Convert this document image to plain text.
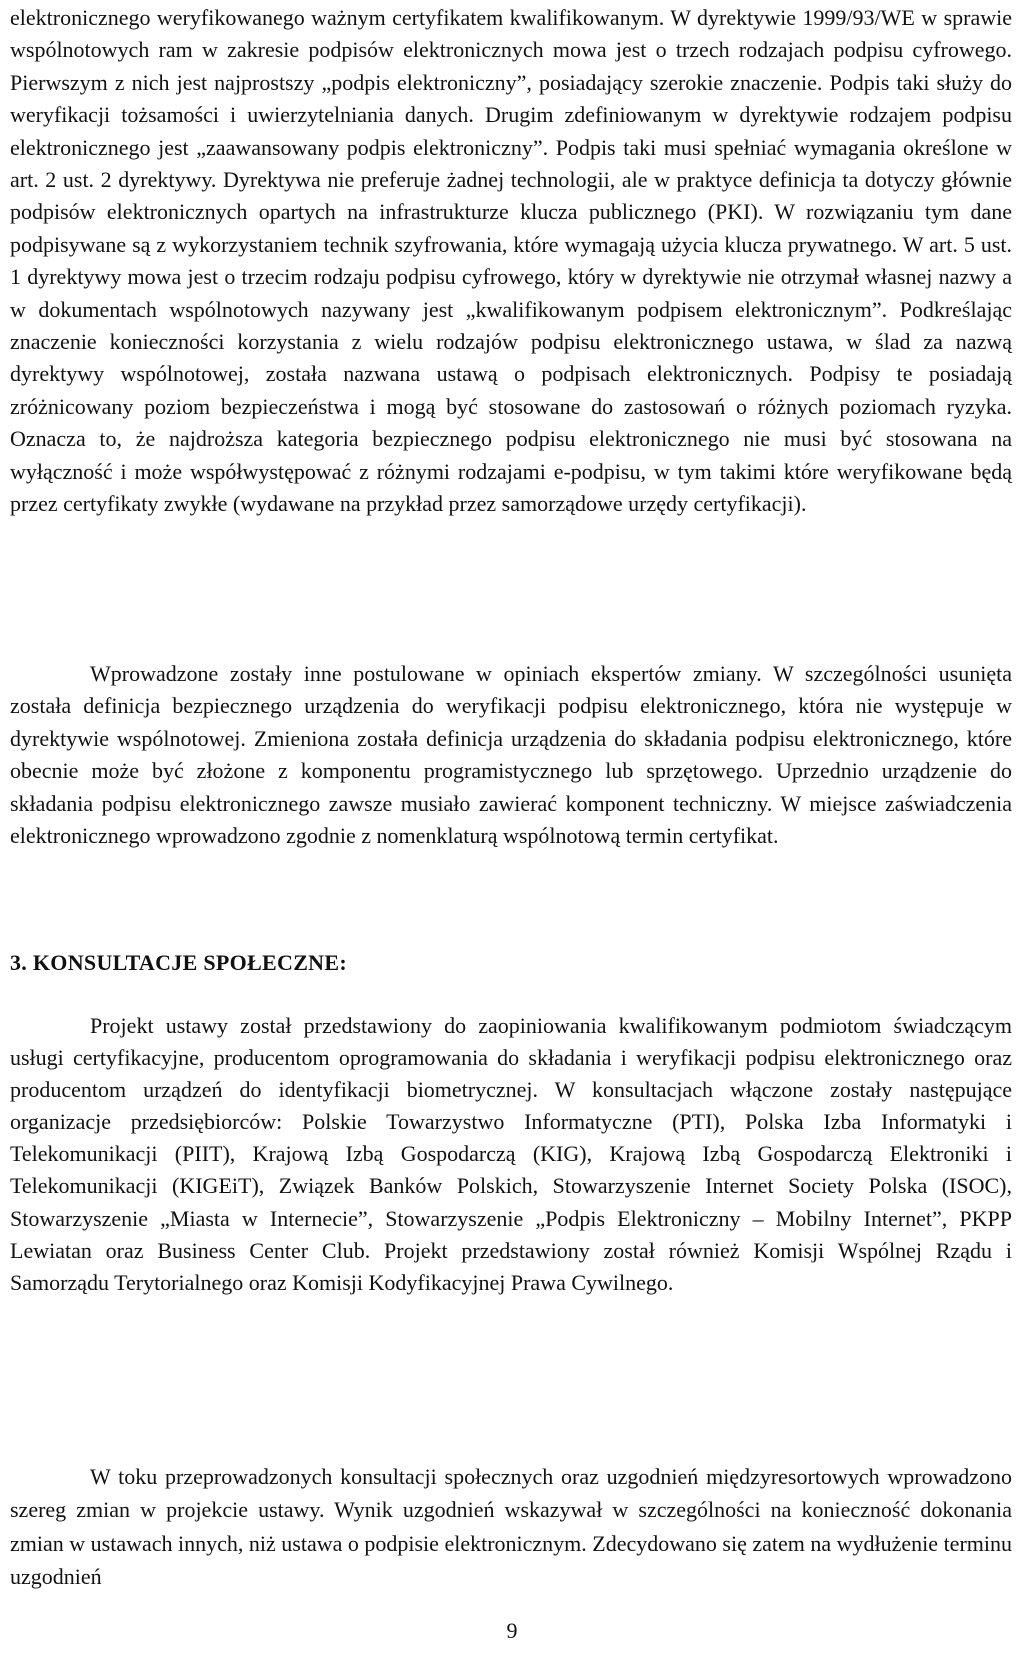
elektronicznego weryfikowanego ważnym certyfikatem kwalifikowanym. W dyrektywie 1999/93/WE w sprawie wspólnotowych ram w zakresie podpisów elektronicznych mowa jest o trzech rodzajach podpisu cyfrowego. Pierwszym z nich jest najprostszy „podpis elektroniczny”, posiadający szerokie znaczenie. Podpis taki służy do weryfikacji tożsamości i uwierzytelniania danych. Drugim zdefiniowanym w dyrektywie rodzajem podpisu elektronicznego jest „zaawansowany podpis elektroniczny”. Podpis taki musi spełniać wymagania określone w art. 2 ust. 2 dyrektywy. Dyrektywa nie preferuje żadnej technologii, ale w praktyce definicja ta dotyczy głównie podpisów elektronicznych opartych na infrastrukturze klucza publicznego (PKI). W rozwiązaniu tym dane podpisywane są z wykorzystaniem technik szyfrowania, które wymagają użycia klucza prywatnego. W art. 5 ust. 1 dyrektywy mowa jest o trzecim rodzaju podpisu cyfrowego, który w dyrektywie nie otrzymał własnej nazwy a w dokumentach wspólnotowych nazywany jest „kwalifikowanym podpisem elektronicznym”. Podkreślając znaczenie konieczności korzystania z wielu rodzajów podpisu elektronicznego ustawa, w ślad za nazwą dyrektywy wspólnotowej, została nazwana ustawą o podpisach elektronicznych. Podpisy te posiadają zróżnicowany poziom bezpieczeństwa i mogą być stosowane do zastosowań o różnych poziomach ryzyka. Oznacza to, że najdroższa kategoria bezpiecznego podpisu elektronicznego nie musi być stosowana na wyłączność i może współwystępować z różnymi rodzajami e-podpisu, w tym takimi które weryfikowane będą przez certyfikaty zwykłe (wydawane na przykład przez samorządowe urzędy certyfikacji).

Wprowadzone zostały inne postulowane w opiniach ekspertów zmiany. W szczególności usunięta została definicja bezpiecznego urządzenia do weryfikacji podpisu elektronicznego, która nie występuje w dyrektywie wspólnotowej. Zmieniona została definicja urządzenia do składania podpisu elektronicznego, które obecnie może być złożone z komponentu programistycznego lub sprzętowego. Uprzednio urządzenie do składania podpisu elektronicznego zawsze musiało zawierać komponent techniczny. W miejsce zaświadczenia elektronicznego wprowadzono zgodnie z nomenklaturą wspólnotową termin certyfikat.

3. KONSULTACJE SPOŁECZNE:

Projekt ustawy został przedstawiony do zaopiniowania kwalifikowanym podmiotom świadczącym usługi certyfikacyjne, producentom oprogramowania do składania i weryfikacji podpisu elektronicznego oraz producentom urządzeń do identyfikacji biometrycznej. W konsultacjach włączone zostały następujące organizacje przedsiębiorców: Polskie Towarzystwo Informatyczne (PTI), Polska Izba Informatyki i Telekomunikacji (PIIT), Krajową Izbą Gospodarczą (KIG), Krajową Izbą Gospodarczą Elektroniki i Telekomunikacji (KIGEiT), Związek Banków Polskich, Stowarzyszenie Internet Society Polska (ISOC), Stowarzyszenie „Miasta w Internecie”, Stowarzyszenie „Podpis Elektroniczny – Mobilny Internet”, PKPP Lewiatan oraz Business Center Club. Projekt przedstawiony został również Komisji Wspólnej Rządu i Samorządu Terytorialnego oraz Komisji Kodyfikacyjnej Prawa Cywilnego.

W toku przeprowadzonych konsultacji społecznych oraz uzgodnień międzyresortowych wprowadzono szereg zmian w projekcie ustawy. Wynik uzgodnień wskazywał w szczególności na konieczność dokonania zmian w ustawach innych, niż ustawa o podpisie elektronicznym. Zdecydowano się zatem na wydłużenie terminu uzgodnień

9
